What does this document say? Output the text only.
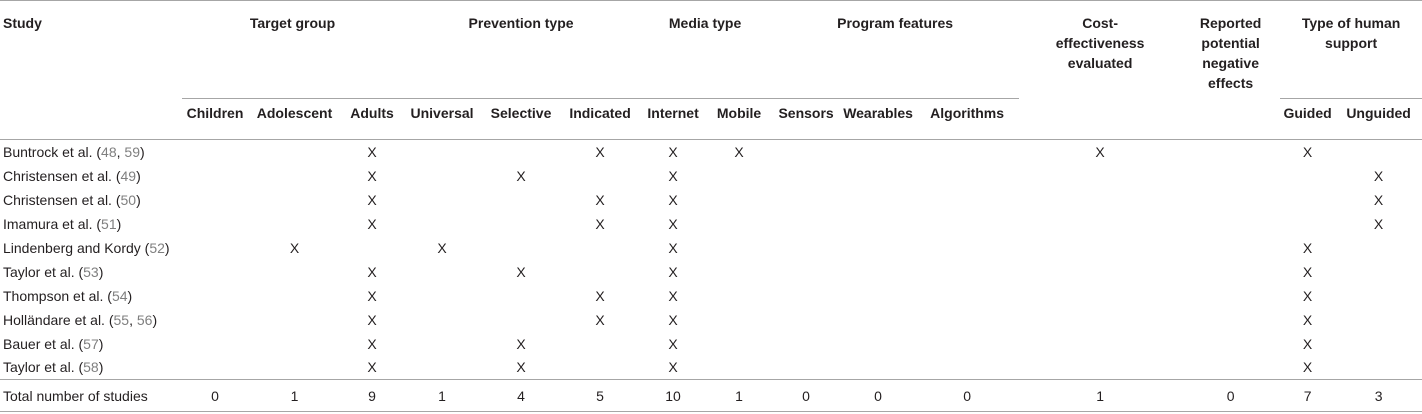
Study	Target group			Prevention type			Media type		Program features			Cost-
effectiveness
evaluated	Reported
potential
negative
effects	Type of human
support	
	Children	Adolescent	Adults	Universal	Selective	Indicated	Internet	Mobile	Sensors	Wearables	Algorithms			Guided	Unguided
Buntrock et al. (48, 59)			X			X	X	X				X		X	
Christensen et al. (49)			X		X		X								X
Christensen et al. (50)			X			X	X								X
Imamura et al. (51)			X			X	X								X
Lindenberg and Kordy (52)		X		X			X							X	
Taylor et al. (53)			X		X		X							X	
Thompson et al. (54)			X			X	X							X	
Holländare et al. (55, 56)			X			X	X							X	
Bauer et al. (57)			X		X		X							X	
Taylor et al. (58)			X		X		X							X	
Total number of studies	0	1	9	1	4	5	10	1	0	0	0	1	0	7	3
